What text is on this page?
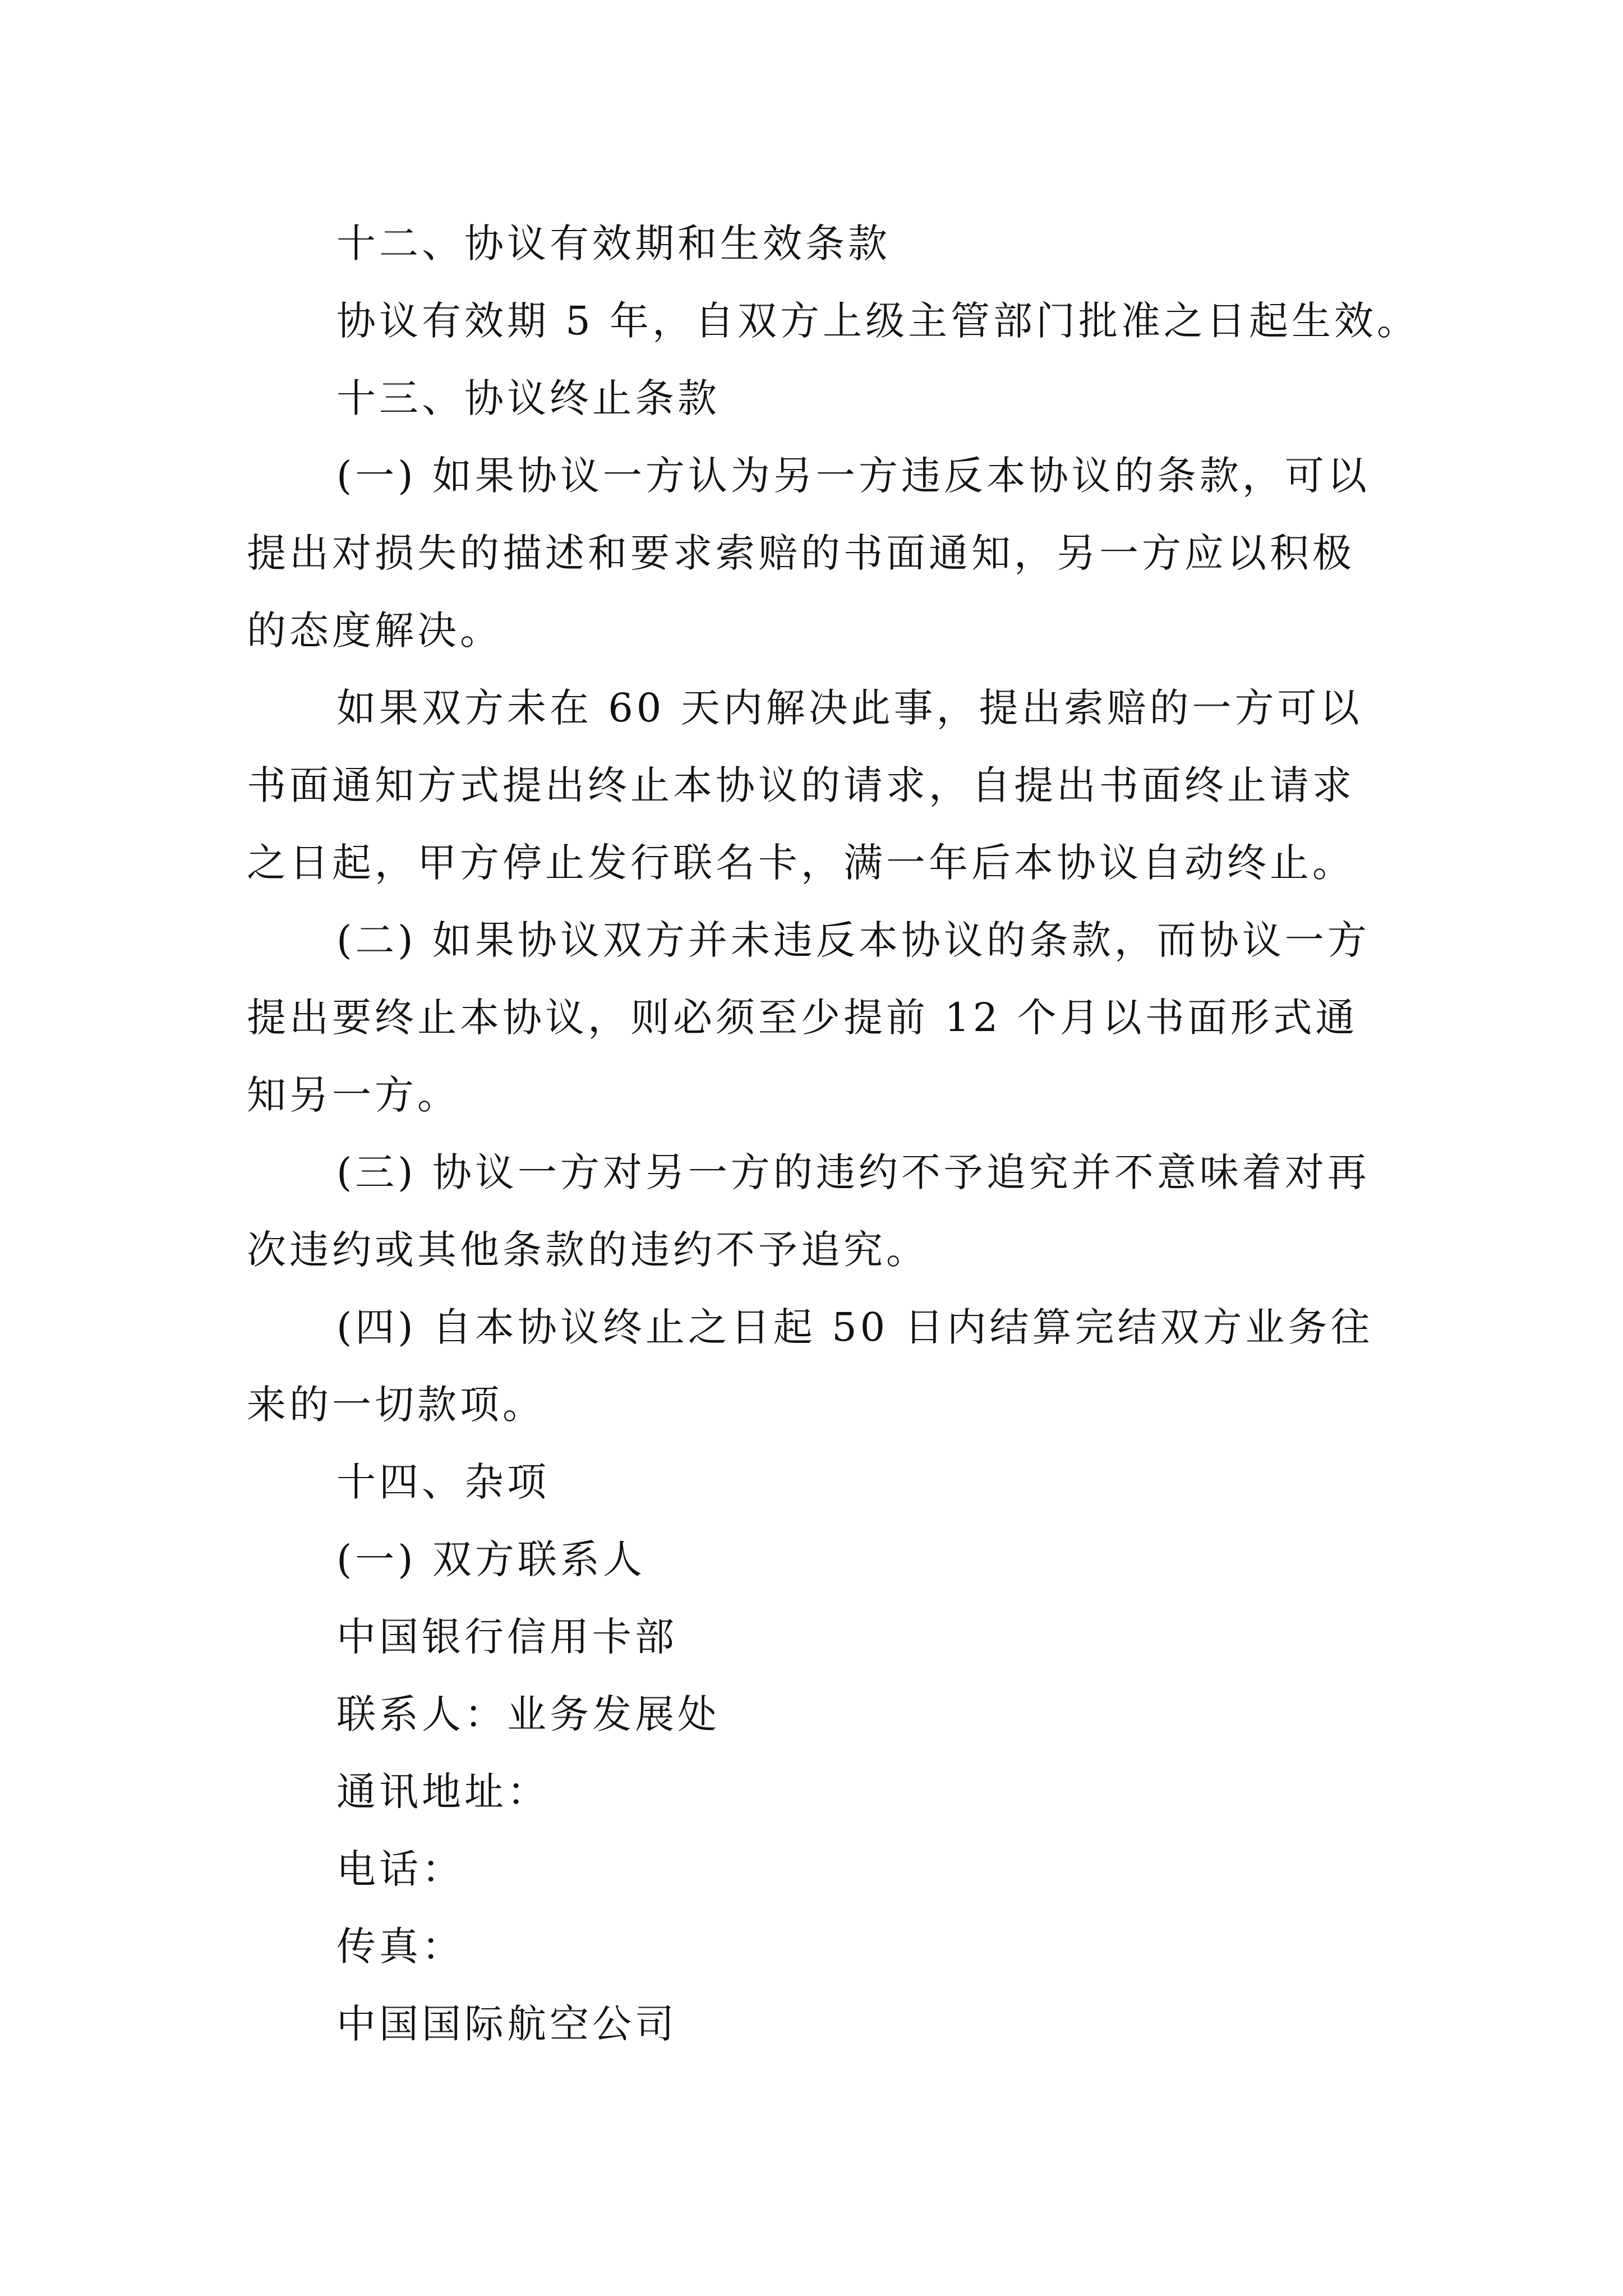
十二、协议有效期和生效条款

协议有效期 5 年，自双方上级主管部门批准之日起生效。

十三、协议终止条款

(一) 如果协议一方认为另一方违反本协议的条款，可以

提出对损失的描述和要求索赔的书面通知，另一方应以积极

的态度解决。

如果双方未在 60 天内解决此事，提出索赔的一方可以

书面通知方式提出终止本协议的请求，自提出书面终止请求

之日起，甲方停止发行联名卡，满一年后本协议自动终止。

(二) 如果协议双方并未违反本协议的条款，而协议一方

提出要终止本协议，则必须至少提前 12 个月以书面形式通

知另一方。

(三) 协议一方对另一方的违约不予追究并不意味着对再

次违约或其他条款的违约不予追究。

(四) 自本协议终止之日起 50 日内结算完结双方业务往

来的一切款项。

十四、杂项

(一) 双方联系人

中国银行信用卡部

联系人：业务发展处

通讯地址：

电话：

传真：

中国国际航空公司
